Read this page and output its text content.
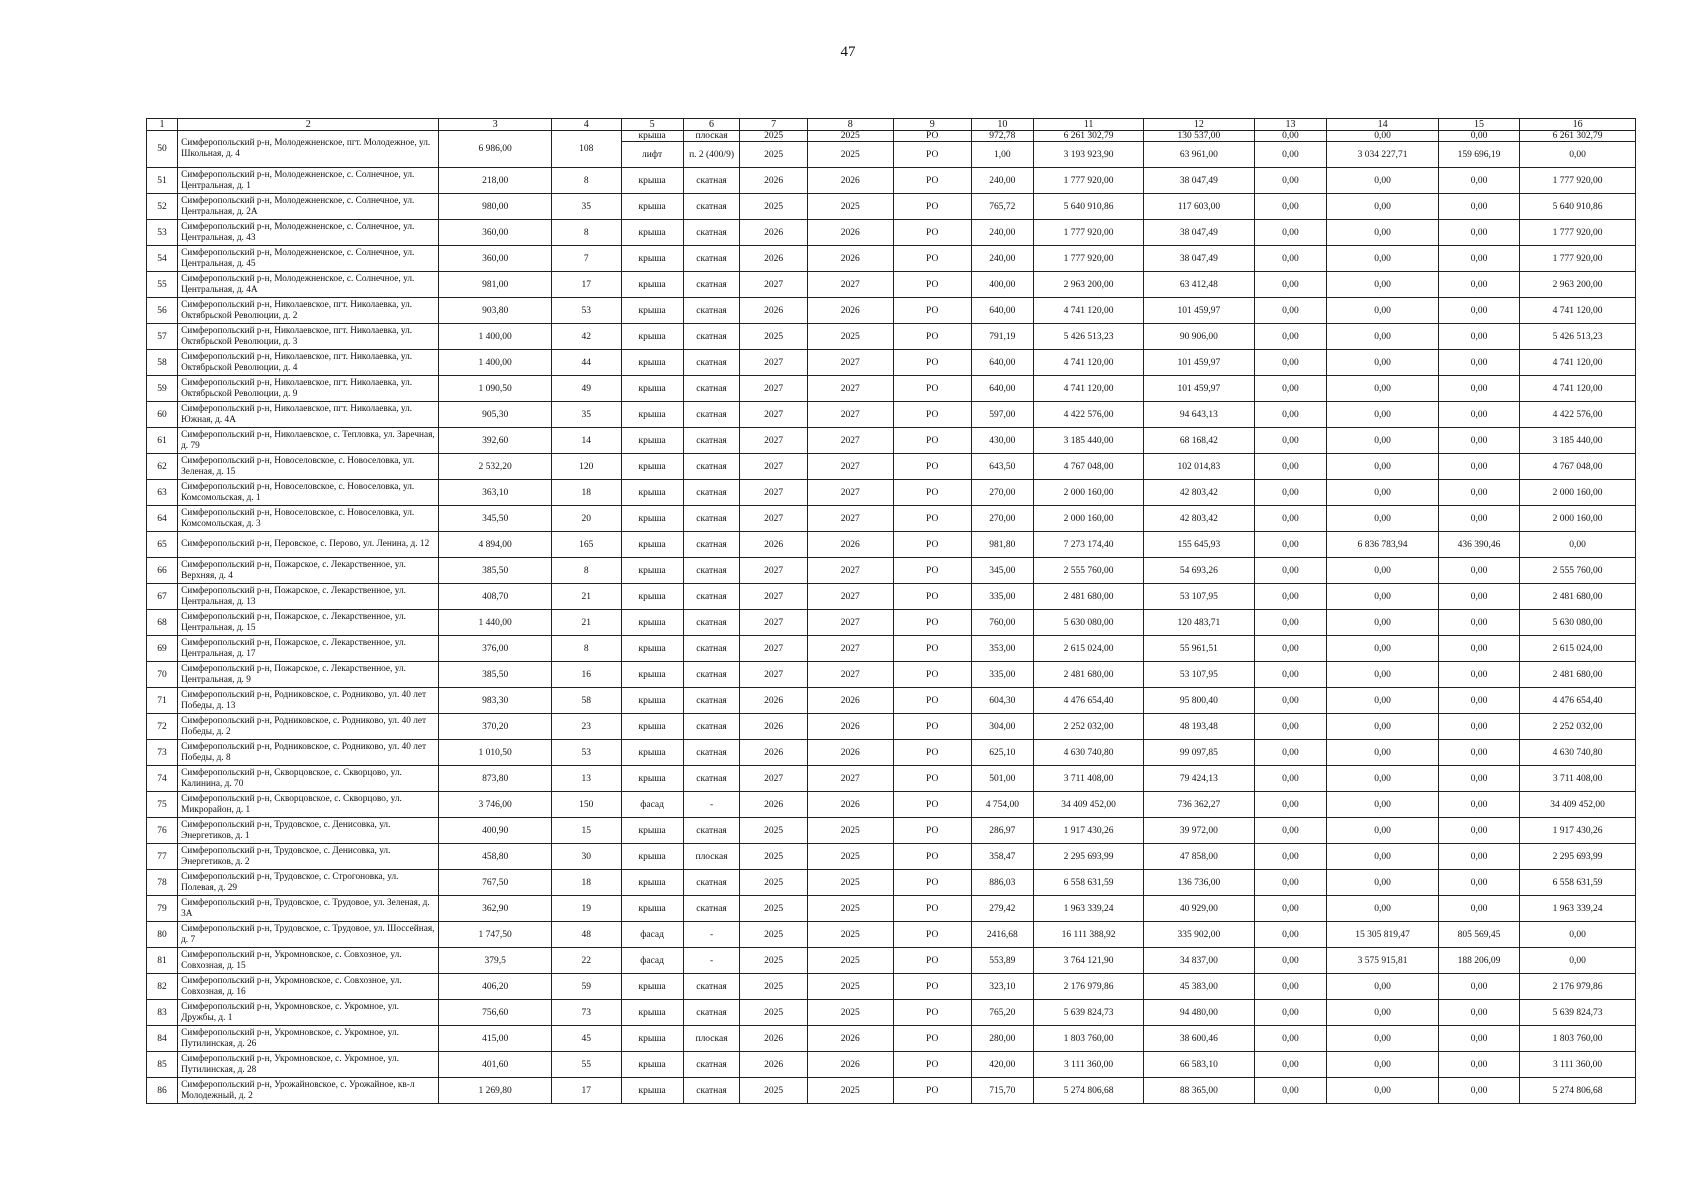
47
1	2	3	4	5	6	7	8	9	10	11	12	13	14	15	16
50	Симферопольский р-н, Молодежненское, пгт. Молодежное, ул. Школьная, д. 4	6 986,00	108	крыша	плоская	2025	2025	РО	972,78	6 261 302,79	130 537,00	0,00	0,00	0,00	6 261 302,79
				лифт	п. 2 (400/9)	2025	2025	РО	1,00	3 193 923,90	63 961,00	0,00	3 034 227,71	159 696,19	0,00
51	Симферопольский р-н, Молодежненское, с. Солнечное, ул. Центральная, д. 1	218,00	8	крыша	скатная	2026	2026	РО	240,00	1 777 920,00	38 047,49	0,00	0,00	0,00	1 777 920,00
52	Симферопольский р-н, Молодежненское, с. Солнечное, ул. Центральная, д. 2А	980,00	35	крыша	скатная	2025	2025	РО	765,72	5 640 910,86	117 603,00	0,00	0,00	0,00	5 640 910,86
53	Симферопольский р-н, Молодежненское, с. Солнечное, ул. Центральная, д. 43	360,00	8	крыша	скатная	2026	2026	РО	240,00	1 777 920,00	38 047,49	0,00	0,00	0,00	1 777 920,00
54	Симферопольский р-н, Молодежненское, с. Солнечное, ул. Центральная, д. 45	360,00	7	крыша	скатная	2026	2026	РО	240,00	1 777 920,00	38 047,49	0,00	0,00	0,00	1 777 920,00
55	Симферопольский р-н, Молодежненское, с. Солнечное, ул. Центральная, д. 4А	981,00	17	крыша	скатная	2027	2027	РО	400,00	2 963 200,00	63 412,48	0,00	0,00	0,00	2 963 200,00
56	Симферопольский р-н, Николаевское, пгт. Николаевка, ул. Октябрьской Революции, д. 2	903,80	53	крыша	скатная	2026	2026	РО	640,00	4 741 120,00	101 459,97	0,00	0,00	0,00	4 741 120,00
57	Симферопольский р-н, Николаевское, пгт. Николаевка, ул. Октябрьской Революции, д. 3	1 400,00	42	крыша	скатная	2025	2025	РО	791,19	5 426 513,23	90 906,00	0,00	0,00	0,00	5 426 513,23
58	Симферопольский р-н, Николаевское, пгт. Николаевка, ул. Октябрьской Революции, д. 4	1 400,00	44	крыша	скатная	2027	2027	РО	640,00	4 741 120,00	101 459,97	0,00	0,00	0,00	4 741 120,00
59	Симферопольский р-н, Николаевское, пгт. Николаевка, ул. Октябрьской Революции, д. 9	1 090,50	49	крыша	скатная	2027	2027	РО	640,00	4 741 120,00	101 459,97	0,00	0,00	0,00	4 741 120,00
60	Симферопольский р-н, Николаевское, пгт. Николаевка, ул. Южная, д. 4А	905,30	35	крыша	скатная	2027	2027	РО	597,00	4 422 576,00	94 643,13	0,00	0,00	0,00	4 422 576,00
61	Симферопольский р-н, Николаевское, с. Тепловка, ул. Заречная, д. 79	392,60	14	крыша	скатная	2027	2027	РО	430,00	3 185 440,00	68 168,42	0,00	0,00	0,00	3 185 440,00
62	Симферопольский р-н, Новоселовское, с. Новоселовка, ул. Зеленая, д. 15	2 532,20	120	крыша	скатная	2027	2027	РО	643,50	4 767 048,00	102 014,83	0,00	0,00	0,00	4 767 048,00
63	Симферопольский р-н, Новоселовское, с. Новоселовка, ул. Комсомольская, д. 1	363,10	18	крыша	скатная	2027	2027	РО	270,00	2 000 160,00	42 803,42	0,00	0,00	0,00	2 000 160,00
64	Симферопольский р-н, Новоселовское, с. Новоселовка, ул. Комсомольская, д. 3	345,50	20	крыша	скатная	2027	2027	РО	270,00	2 000 160,00	42 803,42	0,00	0,00	0,00	2 000 160,00
65	Симферопольский р-н, Перовское, с. Перово, ул. Ленина, д. 12	4 894,00	165	крыша	скатная	2026	2026	РО	981,80	7 273 174,40	155 645,93	0,00	6 836 783,94	436 390,46	0,00
66	Симферопольский р-н, Пожарское, с. Лекарственное, ул. Верхняя, д. 4	385,50	8	крыша	скатная	2027	2027	РО	345,00	2 555 760,00	54 693,26	0,00	0,00	0,00	2 555 760,00
67	Симферопольский р-н, Пожарское, с. Лекарственное, ул. Центральная, д. 13	408,70	21	крыша	скатная	2027	2027	РО	335,00	2 481 680,00	53 107,95	0,00	0,00	0,00	2 481 680,00
68	Симферопольский р-н, Пожарское, с. Лекарственное, ул. Центральная, д. 15	1 440,00	21	крыша	скатная	2027	2027	РО	760,00	5 630 080,00	120 483,71	0,00	0,00	0,00	5 630 080,00
69	Симферопольский р-н, Пожарское, с. Лекарственное, ул. Центральная, д. 17	376,00	8	крыша	скатная	2027	2027	РО	353,00	2 615 024,00	55 961,51	0,00	0,00	0,00	2 615 024,00
70	Симферопольский р-н, Пожарское, с. Лекарственное, ул. Центральная, д. 9	385,50	16	крыша	скатная	2027	2027	РО	335,00	2 481 680,00	53 107,95	0,00	0,00	0,00	2 481 680,00
71	Симферопольский р-н, Родниковское, с. Родниково, ул. 40 лет Победы, д. 13	983,30	58	крыша	скатная	2026	2026	РО	604,30	4 476 654,40	95 800,40	0,00	0,00	0,00	4 476 654,40
72	Симферопольский р-н, Родниковское, с. Родниково, ул. 40 лет Победы, д. 2	370,20	23	крыша	скатная	2026	2026	РО	304,00	2 252 032,00	48 193,48	0,00	0,00	0,00	2 252 032,00
73	Симферопольский р-н, Родниковское, с. Родниково, ул. 40 лет Победы, д. 8	1 010,50	53	крыша	скатная	2026	2026	РО	625,10	4 630 740,80	99 097,85	0,00	0,00	0,00	4 630 740,80
74	Симферопольский р-н, Скворцовское, с. Скворцово, ул. Калинина, д. 70	873,80	13	крыша	скатная	2027	2027	РО	501,00	3 711 408,00	79 424,13	0,00	0,00	0,00	3 711 408,00
75	Симферопольский р-н, Скворцовское, с. Скворцово, ул. Микрорайон, д. 1	3 746,00	150	фасад	-	2026	2026	РО	4 754,00	34 409 452,00	736 362,27	0,00	0,00	0,00	34 409 452,00
76	Симферопольский р-н, Трудовское, с. Денисовка, ул. Энергетиков, д. 1	400,90	15	крыша	скатная	2025	2025	РО	286,97	1 917 430,26	39 972,00	0,00	0,00	0,00	1 917 430,26
77	Симферопольский р-н, Трудовское, с. Денисовка, ул. Энергетиков, д. 2	458,80	30	крыша	плоская	2025	2025	РО	358,47	2 295 693,99	47 858,00	0,00	0,00	0,00	2 295 693,99
78	Симферопольский р-н, Трудовское, с. Строгоновка, ул. Полевая, д. 29	767,50	18	крыша	скатная	2025	2025	РО	886,03	6 558 631,59	136 736,00	0,00	0,00	0,00	6 558 631,59
79	Симферопольский р-н, Трудовское, с. Трудовое, ул. Зеленая, д. 3А	362,90	19	крыша	скатная	2025	2025	РО	279,42	1 963 339,24	40 929,00	0,00	0,00	0,00	1 963 339,24
80	Симферопольский р-н, Трудовское, с. Трудовое, ул. Шоссейная, д. 7	1 747,50	48	фасад	-	2025	2025	РО	2416,68	16 111 388,92	335 902,00	0,00	15 305 819,47	805 569,45	0,00
81	Симферопольский р-н, Укромновское, с. Совхозное, ул. Совхозная, д. 15	379,5	22	фасад	-	2025	2025	РО	553,89	3 764 121,90	34 837,00	0,00	3 575 915,81	188 206,09	0,00
82	Симферопольский р-н, Укромновское, с. Совхозное, ул. Совхозная, д. 16	406,20	59	крыша	скатная	2025	2025	РО	323,10	2 176 979,86	45 383,00	0,00	0,00	0,00	2 176 979,86
83	Симферопольский р-н, Укромновское, с. Укромное, ул. Дружбы, д. 1	756,60	73	крыша	скатная	2025	2025	РО	765,20	5 639 824,73	94 480,00	0,00	0,00	0,00	5 639 824,73
84	Симферопольский р-н, Укромновское, с. Укромное, ул. Путилинская, д. 26	415,00	45	крыша	плоская	2026	2026	РО	280,00	1 803 760,00	38 600,46	0,00	0,00	0,00	1 803 760,00
85	Симферопольский р-н, Укромновское, с. Укромное, ул. Путилинская, д. 28	401,60	55	крыша	скатная	2026	2026	РО	420,00	3 111 360,00	66 583,10	0,00	0,00	0,00	3 111 360,00
86	Симферопольский р-н, Урожайновское, с. Урожайное, кв-л Молодежный, д. 2	1 269,80	17	крыша	скатная	2025	2025	РО	715,70	5 274 806,68	88 365,00	0,00	0,00	0,00	5 274 806,68
